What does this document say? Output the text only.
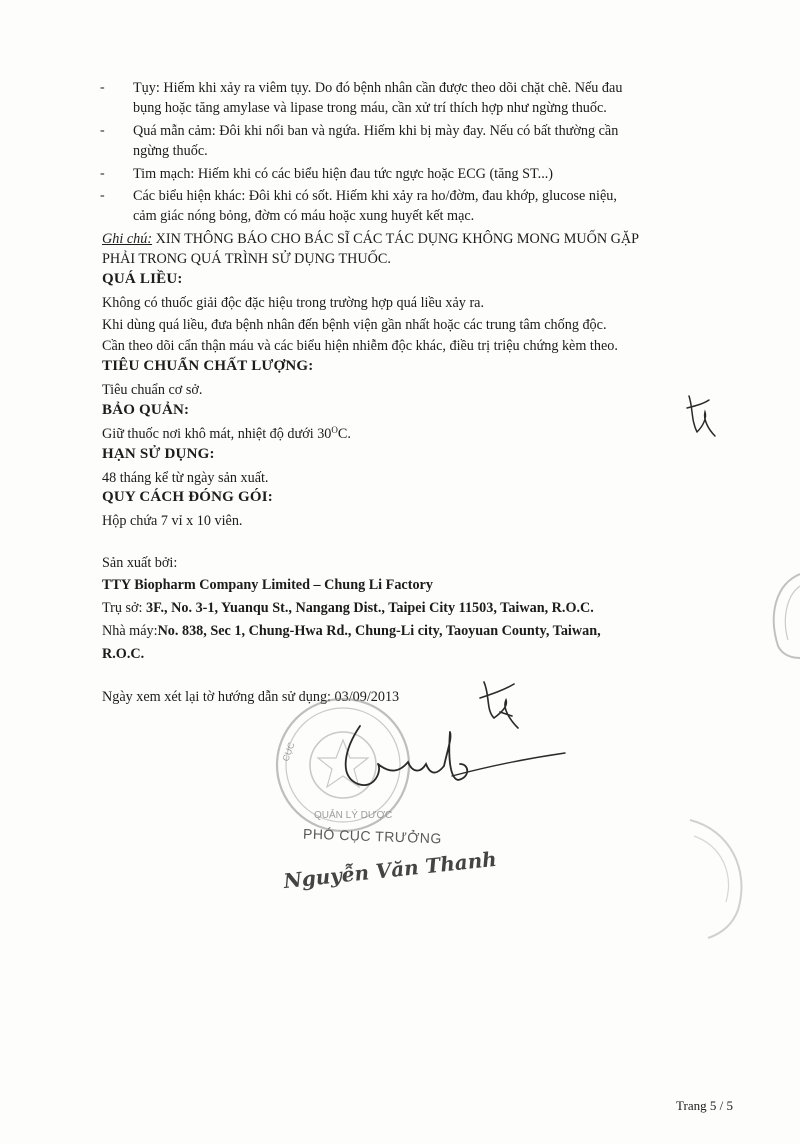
- Tụy: Hiếm khi xảy ra viêm tụy. Do đó bệnh nhân cần được theo dõi chặt chẽ. Nếu đau
bụng hoặc tăng amylase và lipase trong máu, cần xử trí thích hợp như ngừng thuốc.
- Quá mẫn cảm: Đôi khi nổi ban và ngứa. Hiếm khi bị mày đay. Nếu có bất thường cần
ngừng thuốc.
- Tim mạch: Hiếm khi có các biểu hiện đau tức ngực hoặc ECG (tăng ST...)
- Các biểu hiện khác: Đôi khi có sốt. Hiếm khi xảy ra ho/đờm, đau khớp, glucose niệu,
cảm giác nóng bỏng, đờm có máu hoặc xung huyết kết mạc.
Ghi chú: XIN THÔNG BÁO CHO BÁC SĨ CÁC TÁC DỤNG KHÔNG MONG MUỐN GẶP
PHẢI TRONG QUÁ TRÌNH SỬ DỤNG THUỐC.
QUÁ LIỀU:
Không có thuốc giải độc đặc hiệu trong trường hợp quá liều xảy ra.
Khi dùng quá liều, đưa bệnh nhân đến bệnh viện gần nhất hoặc các trung tâm chống độc.
Cần theo dõi cẩn thận máu và các biểu hiện nhiễm độc khác, điều trị triệu chứng kèm theo.
TIÊU CHUẨN CHẤT LƯỢNG:
Tiêu chuẩn cơ sở.
BẢO QUẢN:
Giữ thuốc nơi khô mát, nhiệt độ dưới $30^OC$.
HẠN SỬ DỤNG:
48 tháng kể từ ngày sản xuất.
QUY CÁCH ĐÓNG GÓI:
Hộp chứa 7 vỉ x 10 viên.
Sản xuất bởi:
TTY Biopharm Company Limited – Chung Li Factory
Trụ sở: 3F., No. 3-1, Yuanqu St., Nangang Dist., Taipei City 11503, Taiwan, R.O.C.
Nhà máy:No. 838, Sec 1, Chung-Hwa Rd., Chung-Li city, Taoyuan County, Taiwan,
R.O.C.
Ngày xem xét lại tờ hướng dẫn sử dụng: 03/09/2013
QUẢN LÝ DƯỢC
CỤC
PHÓ CỤC TRƯỞNG
Nguyễn Văn Thanh
Trang 5 / 5
